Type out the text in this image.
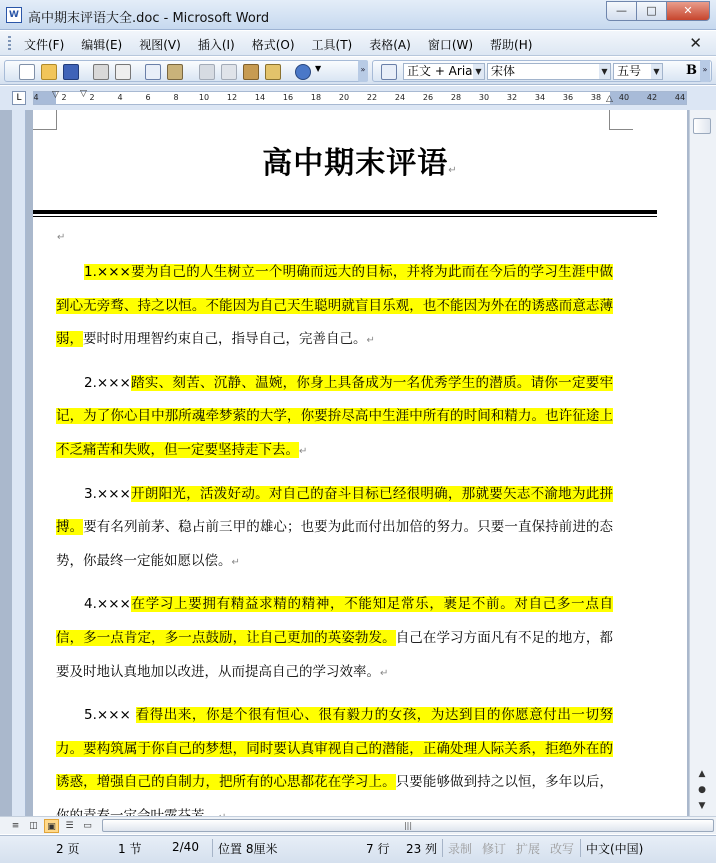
W 高中期末评语大全.doc - Microsoft Word
—	□	✕
文件(F) 编辑(E) 视图(V) 插入(I) 格式(O) 工具(T) 表格(A) 窗口(W) 帮助(H)	✕
▼	»	正文 + Aria ▼ 宋体	▼ 五号	▼ B »
L	4	2	2	4	6	8	10 12 14 16 18 20 22 24 26 28 30 32 34 36 38 40 42 44
▽ ▽	△
高中期末评语↵
↵

1.×××要为自己的人生树立一个明确而远大的目标，并将为此而在今后的学习生涯中做到心无旁骛、持之以恒。不能因为自己天生聪明就盲目乐观，也不能因为外在的诱惑而意志薄弱，要时时用理智约束自己，指导自己，完善自己。↵

2.×××踏实、刻苦、沉静、温婉，你身上具备成为一名优秀学生的潜质。请你一定要牢记，为了你心目中那所魂牵梦萦的大学，你要拚尽高中生涯中所有的时间和精力。也许征途上不乏痛苦和失败，但一定要坚持走下去。↵

3.×××开朗阳光，活泼好动。对自己的奋斗目标已经很明确，那就要矢志不渝地为此拼搏。要有名列前茅、稳占前三甲的雄心；也要为此而付出加倍的努力。只要一直保持前进的态势，你最终一定能如愿以偿。↵

4.×××在学习上要拥有精益求精的精神，不能知足常乐，裹足不前。对自己多一点自信，多一点肯定，多一点鼓励，让自己更加的英姿勃发。自己在学习方面凡有不足的地方，都要及时地认真地加以改进，从而提高自己的学习效率。↵

5.××× 看得出来，你是个很有恒心、很有毅力的女孩，为达到目的你愿意付出一切努力。要构筑属于你自己的梦想，同时要认真审视自己的潜能，正确处理人际关系，拒绝外在的诱惑，增强自己的自制力，把所有的心思都花在学习上。只要能够做到持之以恒，多年以后，

▲
●
▼
≡	◫	▣	☰	▭	|||
2 页	1 节	2/40 位置 8厘米	7 行 23 列 录制 修订 扩展 改写 中文(中国)
